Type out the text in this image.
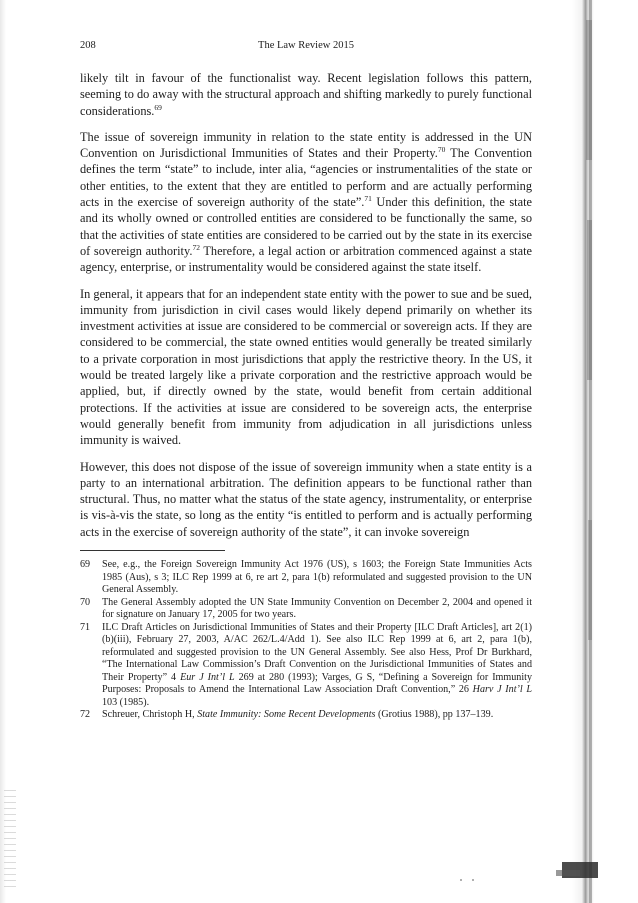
208	The Law Review 2015

likely tilt in favour of the functionalist way. Recent legislation follows this pattern, seeming to do away with the structural approach and shifting markedly to purely functional considerations.$^{69}$

The issue of sovereign immunity in relation to the state entity is addressed in the UN Convention on Jurisdictional Immunities of States and their Property.$^{70}$ The Convention defines the term “state” to include, inter alia, “agencies or instrumentalities of the state or other entities, to the extent that they are entitled to perform and are actually performing acts in the exercise of sovereign authority of the state”.$^{71}$ Under this definition, the state and its wholly owned or controlled entities are considered to be functionally the same, so that the activities of state entities are considered to be carried out by the state in its exercise of sovereign authority.$^{72}$ Therefore, a legal action or arbitration commenced against a state agency, enterprise, or instrumentality would be considered against the state itself.

In general, it appears that for an independent state entity with the power to sue and be sued, immunity from jurisdiction in civil cases would likely depend primarily on whether its investment activities at issue are considered to be commercial or sovereign acts. If they are considered to be commercial, the state owned entities would generally be treated similarly to a private corporation in most jurisdictions that apply the restrictive theory. In the US, it would be treated largely like a private corporation and the restrictive approach would be applied, but, if directly owned by the state, would benefit from certain additional protections. If the activities at issue are considered to be sovereign acts, the enterprise would generally benefit from immunity from adjudication in all jurisdictions unless immunity is waived.

However, this does not dispose of the issue of sovereign immunity when a state entity is a party to an international arbitration. The definition appears to be functional rather than structural. Thus, no matter what the status of the state agency, instrumentality, or enterprise is vis-à-vis the state, so long as the entity “is entitled to perform and is actually performing acts in the exercise of sovereign authority of the state”, it can invoke sovereign

69 See, e.g., the Foreign Sovereign Immunity Act 1976 (US), s 1603; the Foreign State Immunities Acts 1985 (Aus), s 3; ILC Rep 1999 at 6, re art 2, para 1(b) reformulated and suggested provision to the UN General Assembly.
70 The General Assembly adopted the UN State Immunity Convention on December 2, 2004 and opened it for signature on January 17, 2005 for two years.
71 ILC Draft Articles on Jurisdictional Immunities of States and their Property [ILC Draft Articles], art 2(1)(b)(iii), February 27, 2003, A/AC 262/L.4/Add 1). See also ILC Rep 1999 at 6, art 2, para 1(b), reformulated and suggested provision to the UN General Assembly. See also Hess, Prof Dr Burkhard, “The International Law Commission’s Draft Convention on the Jurisdictional Immunities of States and Their Property” 4 Eur J Int’l L 269 at 280 (1993); Varges, G S, “Defining a Sovereign for Immunity Purposes: Proposals to Amend the International Law Association Draft Convention,” 26 Harv J Int’l L 103 (1985).
72 Schreuer, Christoph H, State Immunity: Some Recent Developments (Grotius 1988), pp 137–139.
